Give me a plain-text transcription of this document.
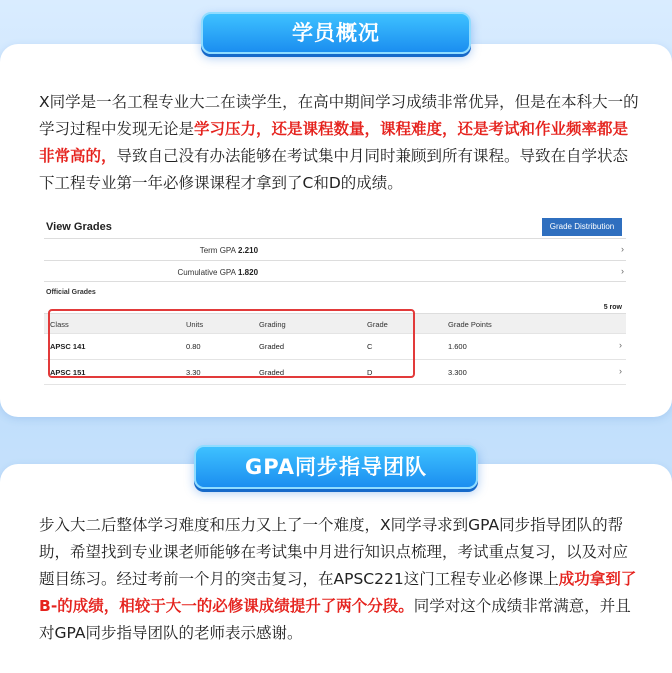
学员概况
X同学是一名工程专业大二在读学生，在高中期间学习成绩非常优异，但是在本科大一的学习过程中发现无论是学习压力，还是课程数量，课程难度，还是考试和作业频率都是非常高的，导致自己没有办法能够在考试集中月同时兼顾到所有课程。导致在自学状态下工程专业第一年必修课课程才拿到了C和D的成绩。
View Grades	Grade Distribution
Term GPA 2.210	›
Cumulative GPA 1.820	›
Official Grades
5 row
Class	Units	Grading	Grade	Grade Points
APSC 141	0.80	Graded	C	1.600	›
APSC 151	3.30	Graded	D	3.300	›
GPA同步指导团队
步入大二后整体学习难度和压力又上了一个难度，X同学寻求到GPA同步指导团队的帮助，希望找到专业课老师能够在考试集中月进行知识点梳理，考试重点复习，以及对应题目练习。经过考前一个月的突击复习，在APSC221这门工程专业必修课上成功拿到了B-的成绩，相较于大一的必修课成绩提升了两个分段。同学对这个成绩非常满意，并且对GPA同步指导团队的老师表示感谢。
